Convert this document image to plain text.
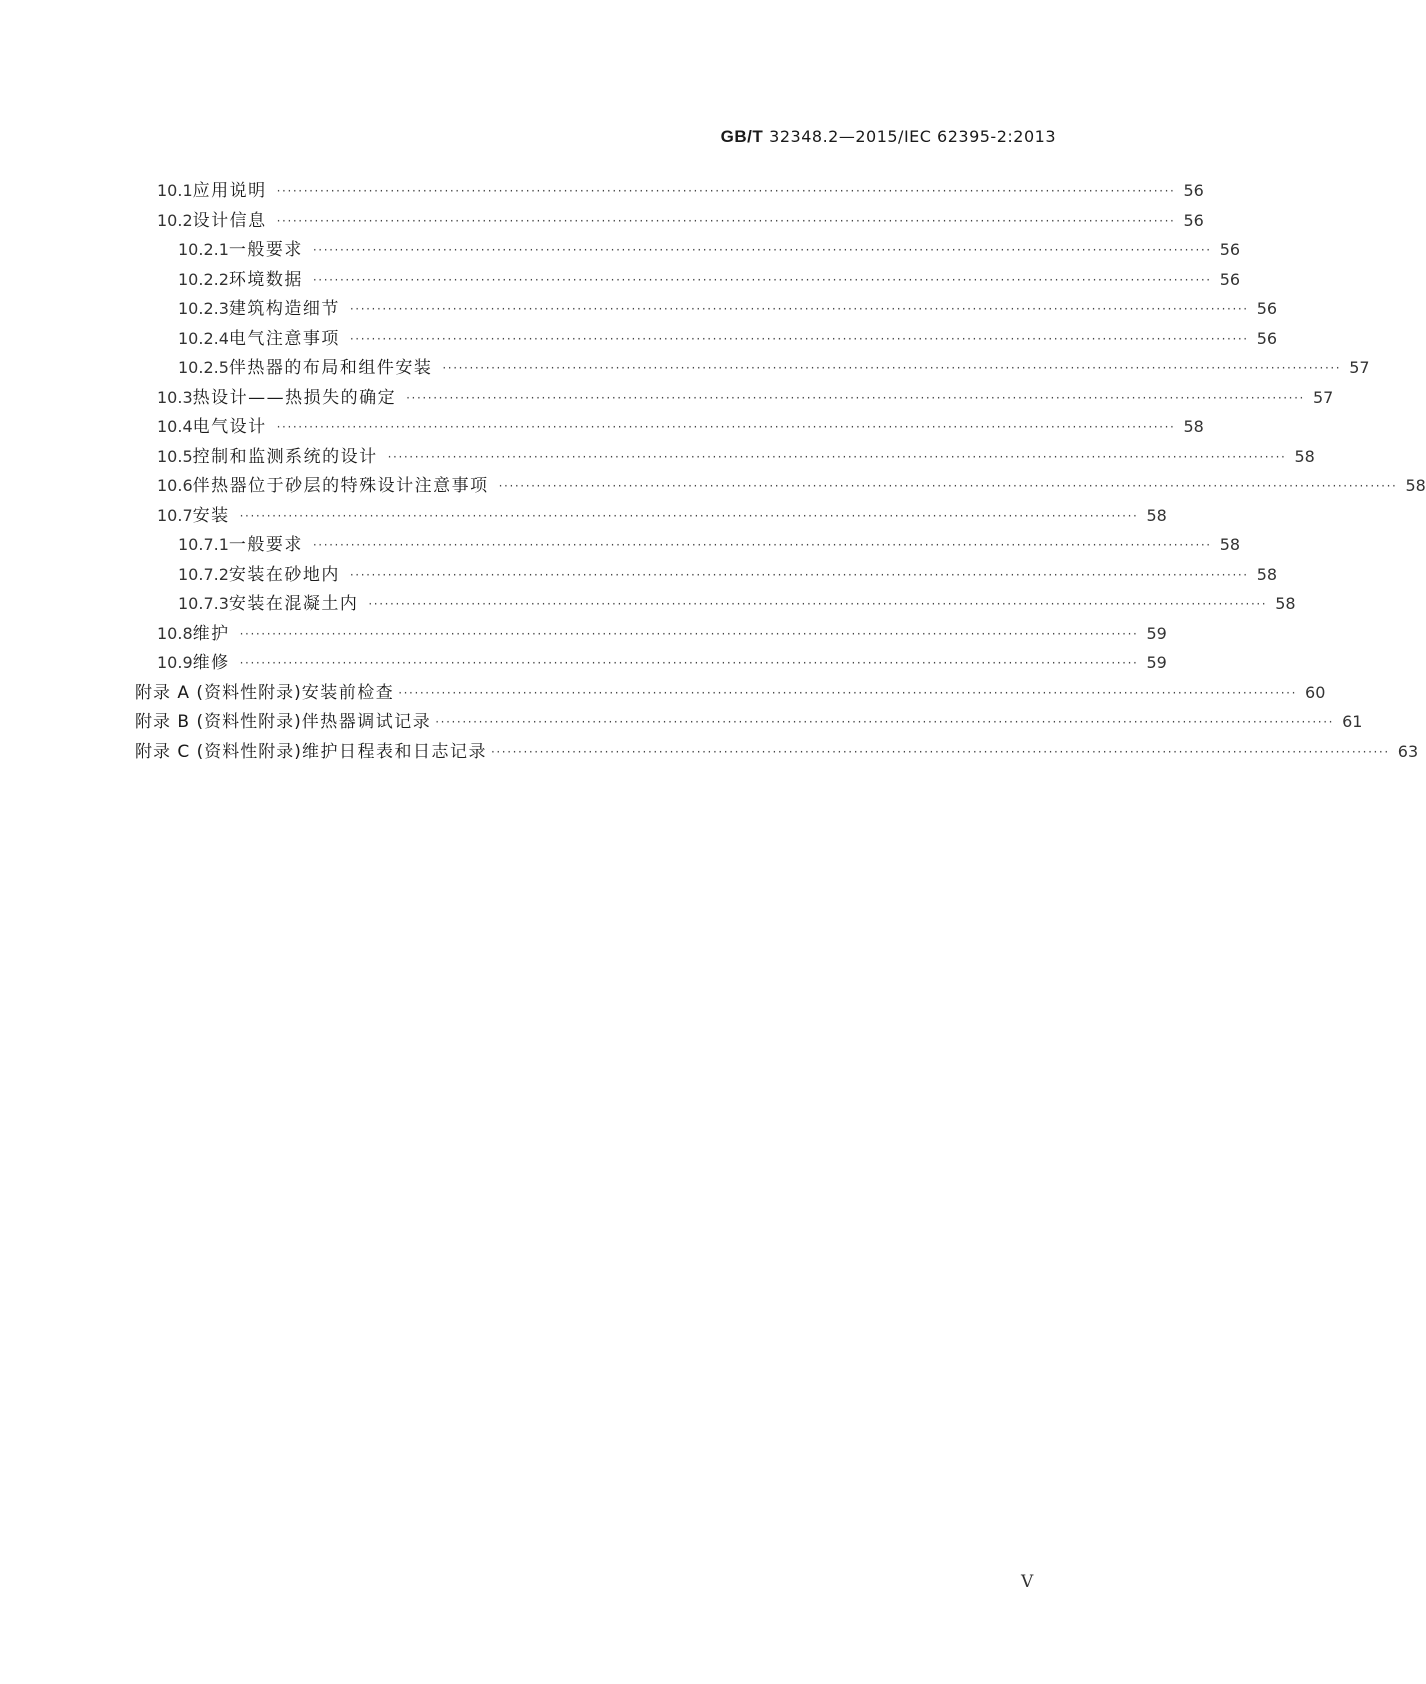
GB/T 32348.2—2015/IEC 62395-2:2013
10.1 应用说明 ······································································································································································ 56
10.2 设计信息 ······································································································································································ 56
10.2.1 一般要求 ······································································································································································ 56
10.2.2 环境数据 ······································································································································································ 56
10.2.3 建筑构造细节 ······································································································································································ 56
10.2.4 电气注意事项 ······································································································································································ 56
10.2.5 伴热器的布局和组件安装 ······································································································································································ 57
10.3 热设计——热损失的确定 ······································································································································································ 57
10.4 电气设计 ······································································································································································ 58
10.5 控制和监测系统的设计 ······································································································································································ 58
10.6 伴热器位于砂层的特殊设计注意事项 ······································································································································································ 58
10.7 安装 ······································································································································································ 58
10.7.1 一般要求 ······································································································································································ 58
10.7.2 安装在砂地内 ······································································································································································ 58
10.7.3 安装在混凝土内 ······································································································································································ 58
10.8 维护 ······································································································································································ 59
10.9 维修 ······································································································································································ 59
附录 A (资料性附录) 安装前检查 ······································································································································································ 60
附录 B (资料性附录) 伴热器调试记录 ······································································································································································ 61
附录 C (资料性附录) 维护日程表和日志记录 ······································································································································································ 63
V
